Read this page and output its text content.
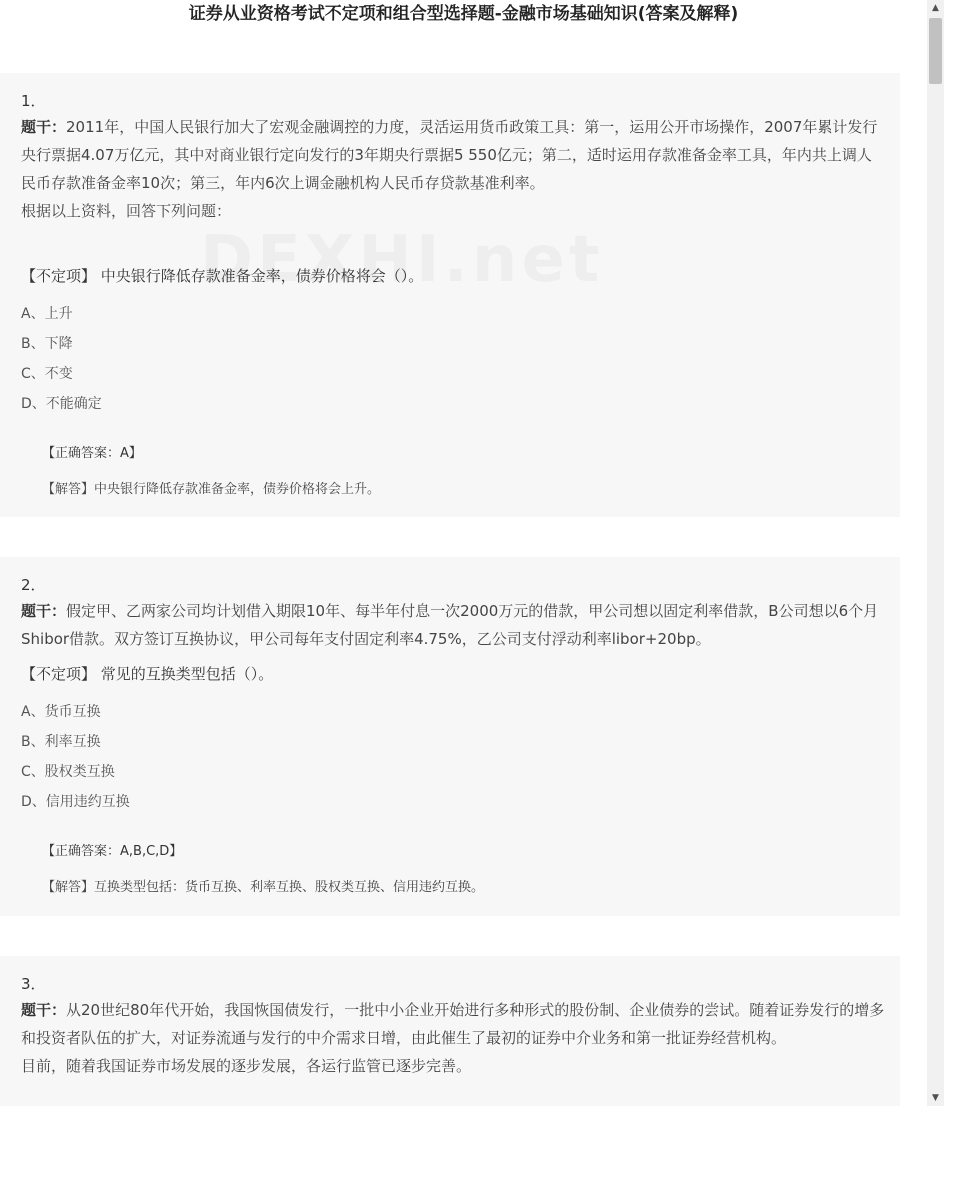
证券从业资格考试不定项和组合型选择题-金融市场基础知识(答案及解释)
1．

题干：2011年，中国人民银行加大了宏观金融调控的力度，灵活运用货币政策工具：第一，运用公开市场操作，2007年累计发行央行票据4.07万亿元，其中对商业银行定向发行的3年期央行票据5 550亿元；第二，适时运用存款准备金率工具，年内共上调人民币存款准备金率10次；第三，年内6次上调金融机构人民币存贷款基准利率。

根据以上资料，回答下列问题：

【不定项】 中央银行降低存款准备金率，债券价格将会（）。
A、上升
B、下降
C、不变
D、不能确定
【正确答案：A】
【解答】中央银行降低存款准备金率，债券价格将会上升。
2．

题干：假定甲、乙两家公司均计划借入期限10年、每半年付息一次2000万元的借款，甲公司想以固定利率借款，B公司想以6个月Shibor借款。双方签订互换协议，甲公司每年支付固定利率4.75%，乙公司支付浮动利率libor+20bp。

【不定项】 常见的互换类型包括（）。
A、货币互换
B、利率互换
C、股权类互换
D、信用违约互换
【正确答案：A,B,C,D】
【解答】互换类型包括：货币互换、利率互换、股权类互换、信用违约互换。
3．

题干：从20世纪80年代开始，我国恢国债发行，一批中小企业开始进行多种形式的股份制、企业债券的尝试。随着证券发行的增多和投资者队伍的扩大，对证券流通与发行的中介需求日增，由此催生了最初的证券中介业务和第一批证券经营机构。

目前，随着我国证券市场发展的逐步发展，各运行监管已逐步完善。

▲
▼
